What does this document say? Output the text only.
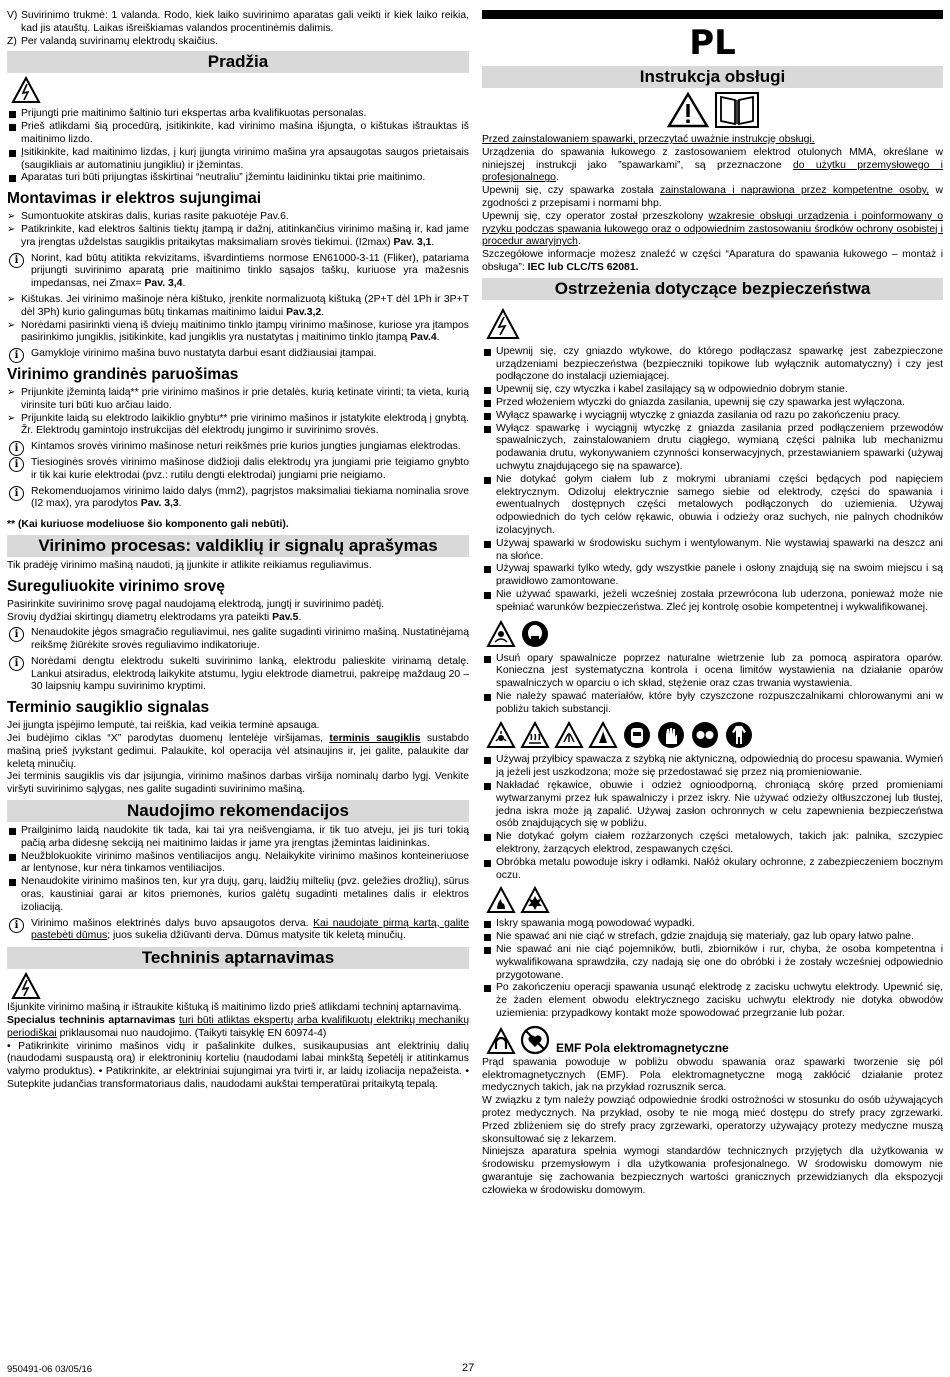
V) Suvirinimo trukmė: 1 valanda. Rodo, kiek laiko suvirinimo aparatas gali veikti ir kiek laiko reikia, kad jis atauštų. Laikas išreiškiamas valandos procentinėmis dalimis.

Z) Per valandą suvirinamų elektrodų skaičius.

Pradžia

Prijungti prie maitinimo šaltinio turi ekspertas arba kvalifikuotas personalas.

Prieš atlikdami šią procedūrą, įsitikinkite, kad virinimo mašina išjungta, o kištukas ištrauktas iš maitinimo lizdo.

Įsitikinkite, kad maitinimo lizdas, į kurį įjungta virinimo mašina yra apsaugotas saugos prietaisais (saugikliais ar automatiniu jungikliu) ir įžemintas.

Aparatas turi būti prijungtas išskirtinai “neutraliu” įžemintu laidininku tiktai prie maitinimo.

Montavimas ir elektros sujungimai

➢ Sumontuokite atskiras dalis, kurias rasite pakuotėje Pav.6.

➢ Patikrinkite, kad elektros šaltinis tiektų įtampą ir dažnį, atitinkančius virinimo mašiną ir, kad jame yra įrengtas uždelstas saugiklis pritaikytas maksimaliam srovės tiekimui. (I2max) Pav. 3,1.

i	Norint, kad būtų atitikta rekvizitams, išvardintiems normose EN61000-3-11 (Fliker), patariama prijungti suvirinimo aparatą prie maitinimo tinklo sąsajos taškų, kuriuose yra mažesnis impedansas, nei Zmax= Pav. 3,4.

➢ Kištukas. Jei virinimo mašinoje nėra kištuko, įrenkite normalizuotą kištuką (2P+T dėl 1Ph ir 3P+T dėl 3Ph) kurio galingumas būtų tinkamas maitinimo laidui Pav.3,2.

➢ Norėdami pasirinkti vieną iš dviejų maitinimo tinklo įtampų virinimo mašinose, kuriose yra įtampos pasirinkimo jungiklis, įsitikinkite, kad jungiklis yra nustatytas į maitinimo tinklo įtampą Pav.4.

i	Gamykloje virinimo mašina buvo nustatyta darbui esant didžiausiai įtampai.
Virinimo grandinės paruošimas

➢ Prijunkite įžemintą laidą** prie virinimo mašinos ir prie detalės, kurią ketinate virinti; ta vieta, kurią virinsite turi būti kuo arčiau laido.

➢ Prijunkite laidą su elektrodo laikiklio gnybtu** prie virinimo mašinos ir įstatykite elektrodą į gnybtą. Žr. Elektrodų gamintojo instrukcijas dėl elektrodų jungimo ir suvirinimo srovės.

i	Kintamos srovės virinimo mašinose neturi reikšmės prie kurios jungties jungiamas elektrodas.
i	Tiesioginės srovės virinimo mašinose didžioji dalis elektrodų yra jungiami prie teigiamo gnybto ir tik kai kurie elektrodai (pvz.: rutilu dengti elektrodai) jungiami prie neigiamo.
i	Rekomenduojamos virinimo laido dalys (mm2), pagrįstos maksimaliai tiekiama nominalia srove (I2 max), yra parodytos Pav. 3,3.

** (Kai kuriuose modeliuose šio komponento gali nebūti).

Virinimo procesas: valdiklių ir signalų aprašymas

Tik pradėję virinimo mašiną naudoti, ją įjunkite ir atlikite reikiamus reguliavimus.

Sureguliuokite virinimo srovę

Pasirinkite suvirinimo srovę pagal naudojamą elektrodą, jungtį ir suvirinimo padėtį.

Srovių dydžiai skirtingų diametrų elektrodams yra pateikti Pav.5.

i	Nenaudokite jėgos smagračio reguliavimui, nes galite sugadinti virinimo mašiną. Nustatinėjamą reikšmę žiūrėkite srovės reguliavimo indikatoriuje.
i	Norėdami dengtu elektrodu sukelti suvirinimo lanką, elektrodu palieskite virinamą detalę. Lankui atsiradus, elektrodą laikykite atstumu, lygiu elektrode diametrui, pakreipę maždaug 20 – 30 laipsnių kampu suvirinimo kryptimi.
Terminio saugiklio signalas

Jei įjungta įspėjimo lemputė, tai reiškia, kad veikia terminė apsauga.

Jei budėjimo ciklas “X” parodytas duomenų lentelėje viršijamas, terminis saugiklis sustabdo mašiną prieš įvykstant gedimui. Palaukite, kol operacija vėl atsinaujins ir, jei galite, palaukite dar keletą minučių.

Jei terminis saugiklis vis dar įsijungia, virinimo mašinos darbas viršija nominalų darbo lygį. Venkite viršyti suvirinimo sąlygas, nes galite sugadinti suvirinimo mašiną.

Naudojimo rekomendacijos

Prailginimo laidą naudokite tik tada, kai tai yra neišvengiama, ir tik tuo atveju, jei jis turi tokią pačią arba didesnę sekciją nei maitinimo laidas ir jame yra įrengtas įžemintas laidininkas.

Neužblokuokite virinimo mašinos ventiliacijos angų. Nelaikykite virinimo mašinos konteineriuose ar lentynose, kur nėra tinkamos ventiliacijos.

Nenaudokite virinimo mašinos ten, kur yra dujų, garų, laidžių miltelių (pvz. geležies drožlių), sūrus oras, kaustiniai garai ar kitos priemonės, kurios galėtų sugadinti metalines dalis ir elektros izoliaciją.

i	Virinimo mašinos elektrinės dalys buvo apsaugotos derva. Kai naudojate pirmą kartą, galite pastebėti dūmus; juos sukelia džiūvanti derva. Dūmus matysite tik keletą minučių.
Techninis aptarnavimas

Išjunkite virinimo mašiną ir ištraukite kištuką iš maitinimo lizdo prieš atlikdami techninį aptarnavimą.

Specialus techninis aptarnavimas turi būti atliktas ekspertų arba kvalifikuotų elektrikų mechanikų periodiškai priklausomai nuo naudojimo. (Taikyti taisyklę EN 60974-4)

• Patikrinkite virinimo mašinos vidų ir pašalinkite dulkes, susikaupusias ant elektrinių dalių (naudodami suspaustą orą) ir elektroninių korteliu (naudodami labai minkštą šepetėlį ir atitinkamus valymo produktus). • Patikrinkite, ar elektriniai sujungimai yra tvirti ir, ar laidų izoliacija nepažeista. • Sutepkite judančias transformatoriaus dalis, naudodami aukštai temperatūrai pritaikytą tepalą.

PL
Instrukcja obsługi

Przed zainstalowaniem spawarki, przeczytać uważnie instrukcję obsługi.

Urządzenia do spawania łukowego z zastosowaniem elektrod otulonych MMA, określane w niniejszej instrukcji jako ”spawarkami”, są przeznaczone do użytku przemysłowego i profesjonalnego.

Upewnij się, czy spawarka została zainstalowana i naprawiona przez kompetentne osoby, w zgodności z przepisami i normami bhp.

Upewnij się, czy operator został przeszkolony wzakresie obsługi urządzenia i poinformowany o ryzyku podczas spawania łukowego oraz o odpowiednim zastosowaniu środków ochrony osobistej i procedur awaryjnych.

Szczegółowe informacje możesz znaleźć w części “Aparatura do spawania łukowego – montaż i obsługa”: IEC lub CLC/TS 62081.

Ostrzeżenia dotyczące bezpieczeństwa

Upewnij się, czy gniazdo wtykowe, do którego podłączasz spawarkę jest zabezpieczone urządzeniami bezpieczeństwa (bezpieczniki topikowe lub wyłącznik automatyczny) i czy jest podłączone do instalacji uziemiającej.

Upewnij się, czy wtyczka i kabel zasilający są w odpowiednio dobrym stanie.

Przed włożeniem wtyczki do gniazda zasilania, upewnij się czy spawarka jest wyłączona.

Wyłącz spawarkę i wyciągnij wtyczkę z gniazda zasilania od razu po zakończeniu pracy.

Wyłącz spawarkę i wyciągnij wtyczkę z gniazda zasilania przed podłączeniem przewodów spawalniczych, zainstalowaniem drutu ciągłego, wymianą części palnika lub mechanizmu podawania drutu, wykonywaniem czynności konserwacyjnych, przestawianiem spawarki (używaj uchwytu znajdującego się na spawarce).

Nie dotykać gołym ciałem lub z mokrymi ubraniami części będących pod napięciem elektrycznym. Odizoluj elektrycznie samego siebie od elektrody, części do spawania i ewentualnych dostępnych części metalowych podłączonych do uziemienia. Używaj odpowiednich do tych celów rękawic, obuwia i odzieży oraz suchych, nie palnych chodników izolacyjnych.

Używaj spawarki w środowisku suchym i wentylowanym. Nie wystawiaj spawarki na deszcz ani na słońce.

Używaj spawarki tylko wtedy, gdy wszystkie panele i osłony znajdują się na swoim miejscu i są prawidłowo zamontowane.

Nie używać spawarki, jeżeli wcześniej została przewrócona lub uderzona, ponieważ może nie spełniać warunków bezpieczeństwa. Zleć jej kontrolę osobie kompetentnej i wykwalifikowanej.

Usuń opary spawalnicze poprzez naturalne wietrzenie lub za pomocą aspiratora oparów. Konieczna jest systematyczna kontrola i ocena limitów wystawienia na działanie oparów spawalniczych w oparciu o ich skład, stężenie oraz czas trwania wystawienia.

Nie należy spawać materiałów, które były czyszczone rozpuszczalnikami chlorowanymi ani w pobliżu takich substancji.

Używaj przyłbicy spawacza z szybką nie aktyniczną, odpowiednią do procesu spawania. Wymień ją jeżeli jest uszkodzona; może się przedostawać się przez nią promieniowanie.

Nakładać rękawice, obuwie i odzież ognioodporną, chroniącą skórę przed promieniami wytwarzanymi przez łuk spawalniczy i przez iskry. Nie używać odzieży oltłuszczonej lub tłustej, jedna iskra może ją zapalić. Używaj zasłon ochronnych w celu zapewnienia bezpieczeństwa osób znajdujących się w pobliżu.

Nie dotykać gołym ciałem rozżarzonych części metalowych, takich jak: palnika, szczypiec elektrony, żarzących elektrod, zespawanych części.

Obróbka metalu powoduje iskry i odłamki. Nałóż okulary ochronne, z zabezpieczeniem bocznym oczu.

Iskry spawania mogą powodować wypadki.

Nie spawać ani nie ciąć w strefach, gdzie znajdują się materiały, gaz lub opary łatwo palne.

Nie spawać ani nie ciąć pojemników, butli, zbiorników i rur, chyba, że osoba kompetentna i wykwalifikowana sprawdziła, czy nadają się one do obróbki i że zostały wcześniej odpowiednio przygotowane.

Po zakończeniu operacji spawania usunąć elektrodę z zacisku uchwytu elektrody. Upewnić się, że żaden element obwodu elektrycznego zacisku uchwytu elektrody nie dotyka obwodów uziemienia: przypadkowy kontakt może spowodować przegrzanie lub pożar.

EMF Pola elektromagnetyczne

Prąd spawania powoduje w pobliżu obwodu spawania oraz spawarki tworzenie się pól elektromagnetycznych (EMF). Pola elektromagnetyczne mogą zakłócić działanie protez medycznych takich, jak na przykład rozrusznik serca.

W związku z tym należy powziąć odpowiednie środki ostrożności w stosunku do osób używających protez medycznych. Na przykład, osoby te nie mogą mieć dostępu do strefy pracy zgrzewarki. Przed zbliżeniem się do strefy pracy zgrzewarki, operatorzy używający protezy medyczne muszą skonsultować się z lekarzem.

Niniejsza aparatura spełnia wymogi standardów technicznych przyjętych dla użytkowania w środowisku przemysłowym i dla użytkowania profesjonalnego. W środowisku domowym nie gwarantuje się zachowania bezpiecznych wartości granicznych przewidzianych dla ekspozycji człowieka w środowisku domowym.

950491-06 03/05/16	27
